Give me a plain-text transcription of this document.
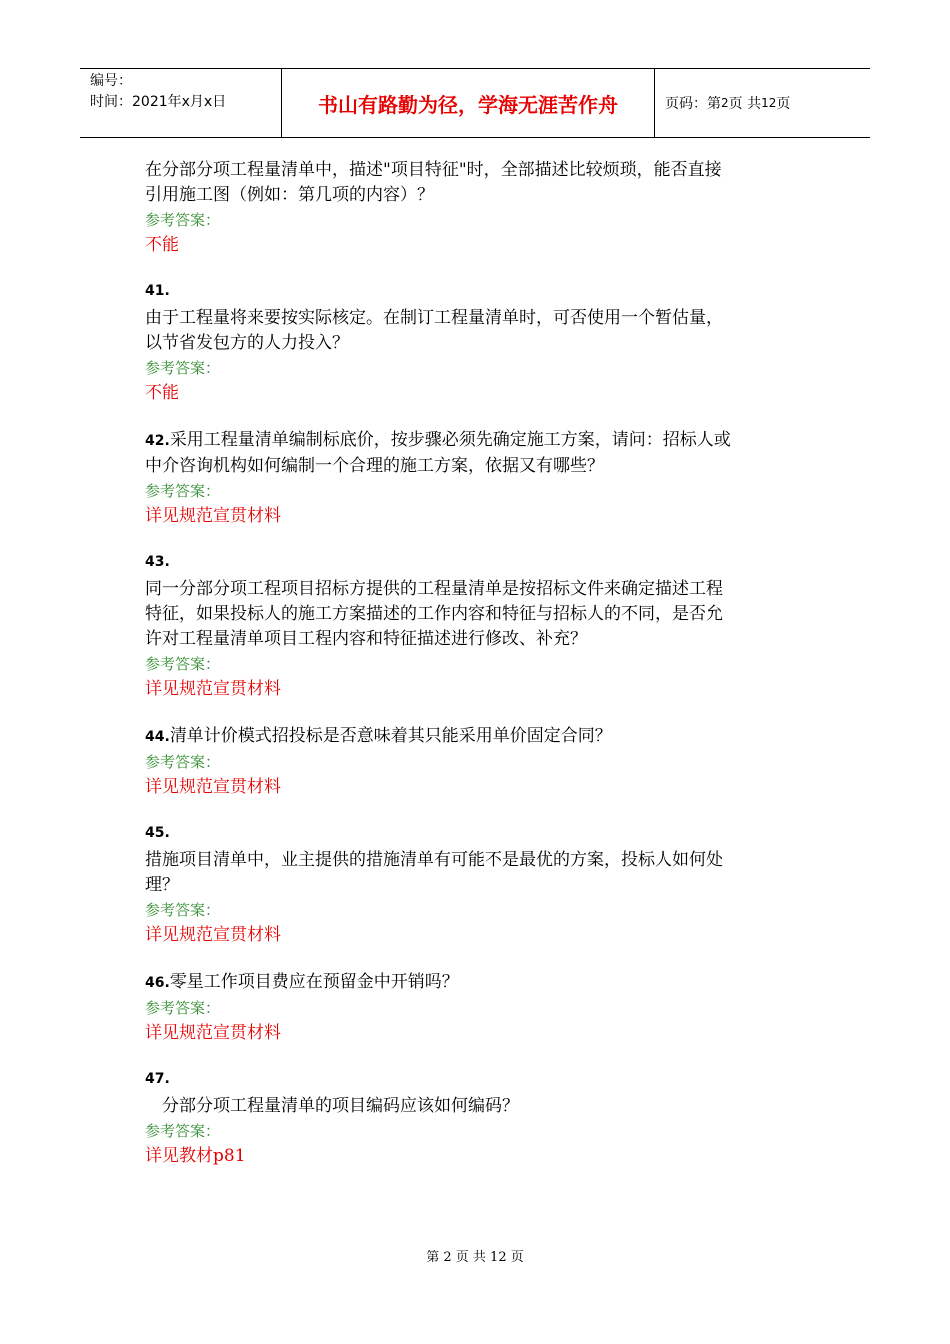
编号：
时间：2021年x月x日	书山有路勤为径，学海无涯苦作舟	页码：第 2 页 共 12 页
在分部分项工程量清单中，描述"项目特征"时，全部描述比较烦琐，能否直接
引用施工图（例如：第几项的内容）？
参考答案：
不能
41.
由于工程量将来要按实际核定。在制订工程量清单时，可否使用一个暂估量，
以节省发包方的人力投入？
参考答案：
不能
42.采用工程量清单编制标底价，按步骤必须先确定施工方案，请问：招标人或
中介咨询机构如何编制一个合理的施工方案，依据又有哪些？
参考答案：
详见规范宣贯材料
43.
同一分部分项工程项目招标方提供的工程量清单是按招标文件来确定描述工程
特征，如果投标人的施工方案描述的工作内容和特征与招标人的不同，是否允
许对工程量清单项目工程内容和特征描述进行修改、补充？
参考答案：
详见规范宣贯材料
44.清单计价模式招投标是否意味着其只能采用单价固定合同？
参考答案：
详见规范宣贯材料
45.
措施项目清单中，业主提供的措施清单有可能不是最优的方案，投标人如何处
理？
参考答案：
详见规范宣贯材料
46.零星工作项目费应在预留金中开销吗？
参考答案：
详见规范宣贯材料
47.
　分部分项工程量清单的项目编码应该如何编码？
参考答案：
详见教材p81
第 2 页 共 12 页
